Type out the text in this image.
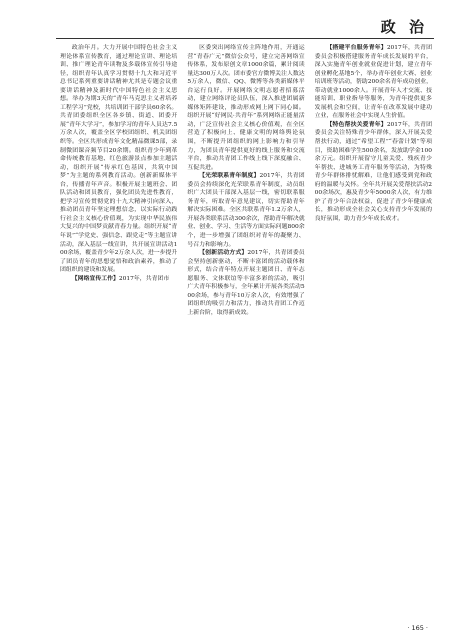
政 治

政治年月。大力开展中国特色社会主义理论体系宣传教育，通过理论宣讲、理论培训、推广理论青年读物及多载体宣传引导途径，组织青年认真学习贯彻十九大和习近平总书记系列重要讲话精神尤其是专题会议重要讲话精神及新时代中国特色社会主义思想。举办为期3天的“青年马克思主义者培养工程学习”党校，共培训团干部学员60余名。共青团委组织全区各乡镇、街道、团委开展“青年大学习”，参加学习的青年人员达7.5万余人次，覆盖全区学校团组织、机关团组织等。全区共形成青年文化精品微课5部，录制微团课音频节目20余期。组织青少年到革命传统教育基地、红色旅游景点参加主题活动，组织开展“传承红色基因，共筑中国梦”为主题的系列教育活动。创新新媒体平台，传播青年声音。积极开展主题班会、团队活动和团员教育，强化团员先进性教育，把学习宣传贯彻党的十九大精神引向深入，推动团员青年坚定理想信念，以实际行动践行社会主义核心价值观，为实现中华民族伟大复兴的中国梦贡献青春力量。组织开展“青年说”“学党史、强信念、跟党走”等主题宣讲活动，深入基层一线宣讲，共开展宣讲活动100余场，覆盖青少年2万余人次，进一步提升了团员青年的思想觉悟和政治素养，推动了团组织的建设和发展。

【网络宣传工作】2017年，共青团市

区委突出网络宣传主阵地作用，开通运营“青春广元”微信公众号，建立完善网络宣传体系，发布原创文章1000余篇，累计阅读量达300万人次。团市委官方微博关注人数达5万余人，微信、QQ、微博等各类新媒体平台运行良好。开展网络文明志愿者招募活动，建立网络评论员队伍，深入推进团属新媒体矩阵建设，推动形成网上网下同心圆。组织开展“好网民·共青年”系列网络正能量活动，广泛宣传社会主义核心价值观，在全区营造了积极向上、健康文明的网络舆论氛围，不断提升团组织的网上影响力和引导力，为团员青年提供更好的线上服务和交流平台，推动共青团工作线上线下深度融合、互促共进。

【光荣联系青年制度】2017年，共青团委员会持续深化光荣联系青年制度，动员组织广大团员干部深入基层一线，密切联系服务青年，听取青年意见建议，切实帮助青年解决实际困难。全区共联系青年1.2万余人，开展各类联系活动300余次，帮助青年解决就业、创业、学习、生活等方面实际问题800余个，进一步增强了团组织对青年的凝聚力、号召力和影响力。

【创新活动方式】2017年，共青团委员会坚持创新驱动，不断丰富团的活动载体和形式，结合青年特点开展主题团日、青年志愿服务、文体联谊等丰富多彩的活动，吸引广大青年积极参与，全年累计开展各类活动500余场，参与青年10万余人次，有效增强了团组织的吸引力和活力，推动共青团工作迈上新台阶，取得新成效。

【搭建平台服务青年】2017年，共青团委员会积极搭建服务青年成长发展的平台，深入实施青年创业就业促进计划，建立青年创业孵化基地5个，举办青年创业大赛、创业培训班等活动，帮助200余名青年成功创业，带动就业1000余人。开展青年人才交流、技能培训、职业指导等服务，为青年提供更多发展机会和空间，让青年在改革发展中建功立业，在服务社会中实现人生价值。

【特色帮扶关爱青年】2017年，共青团委员会关注特殊青少年群体，深入开展关爱帮扶行动，通过“希望工程”“春蕾计划”等项目，资助困难学生500余名，发放助学金100余万元。组织开展留守儿童关爱、残疾青少年帮扶、进城务工青年服务等活动，为特殊青少年群体排忧解难，让他们感受到党和政府的温暖与关怀。全年共开展关爱帮扶活动200余场次，惠及青少年5000余人次，有力维护了青少年合法权益，促进了青少年健康成长，推动形成全社会关心支持青少年发展的良好氛围，助力青少年成长成才。

· 165 ·
